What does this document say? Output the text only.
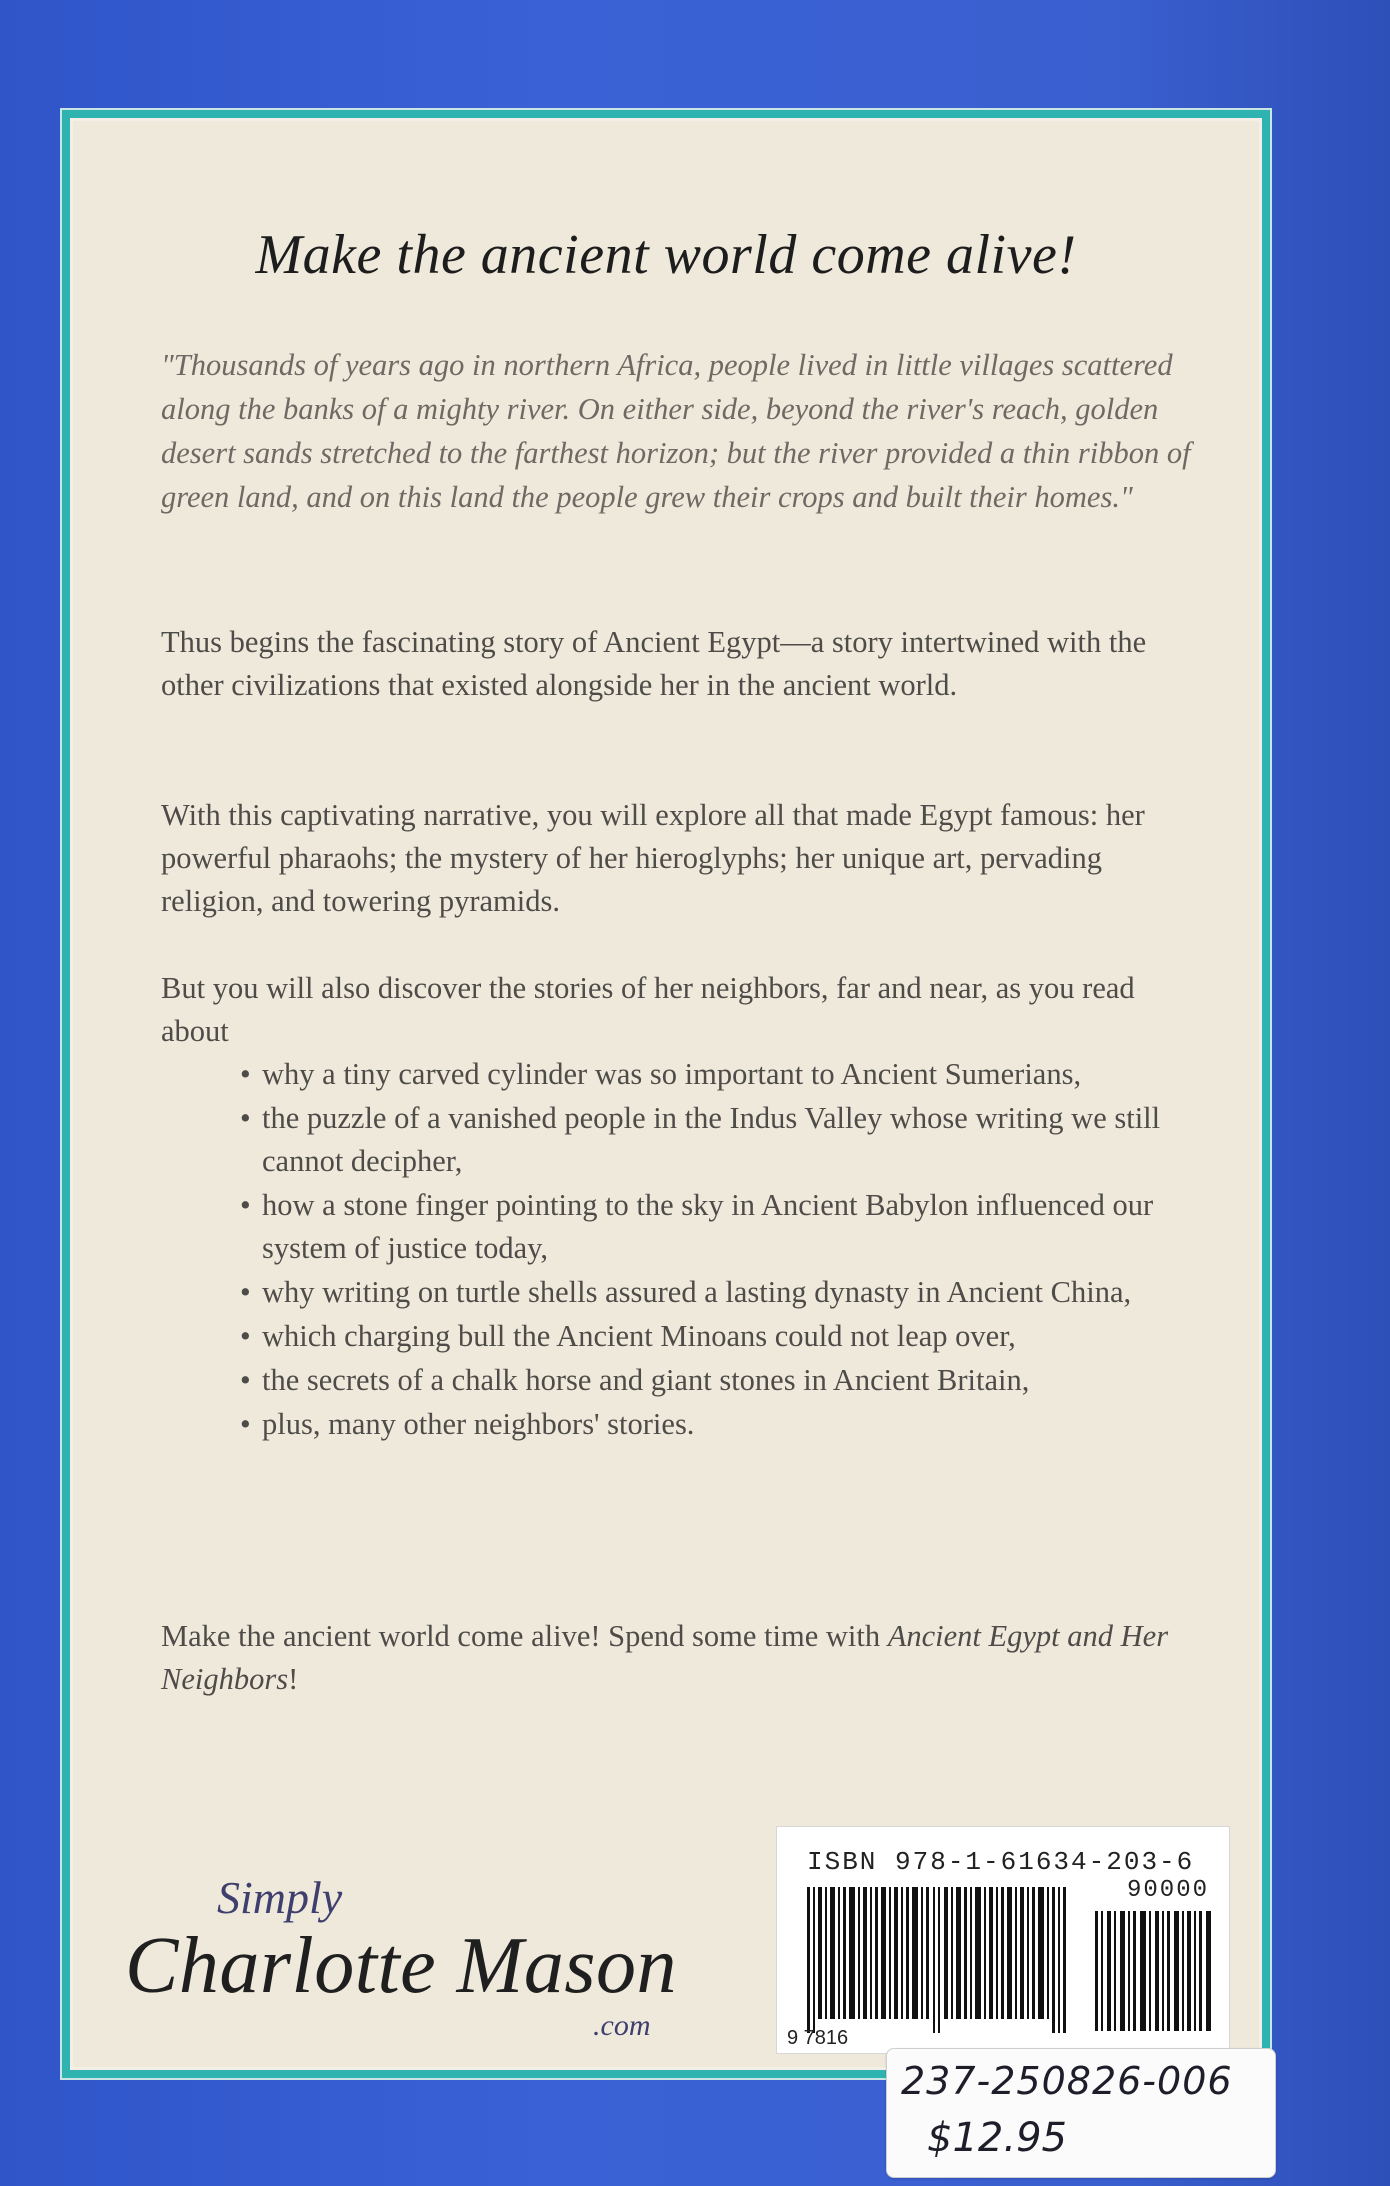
Make the ancient world come alive!
"Thousands of years ago in northern Africa, people lived in little villages scattered along the banks of a mighty river. On either side, beyond the river's reach, golden desert sands stretched to the farthest horizon; but the river provided a thin ribbon of green land, and on this land the people grew their crops and built their homes."
Thus begins the fascinating story of Ancient Egypt—a story intertwined with the other civilizations that existed alongside her in the ancient world.
With this captivating narrative, you will explore all that made Egypt famous: her powerful pharaohs; the mystery of her hieroglyphs; her unique art, pervading religion, and towering pyramids.
But you will also discover the stories of her neighbors, far and near, as you read about
• why a tiny carved cylinder was so important to Ancient Sumerians,
• the puzzle of a vanished people in the Indus Valley whose writing we still cannot decipher,
• how a stone finger pointing to the sky in Ancient Babylon influenced our system of justice today,
• why writing on turtle shells assured a lasting dynasty in Ancient China,
• which charging bull the Ancient Minoans could not leap over,
• the secrets of a chalk horse and giant stones in Ancient Britain,
• plus, many other neighbors' stories.
Make the ancient world come alive! Spend some time with Ancient Egypt and Her Neighbors!
Simply
Charlotte Mason
.com
ISBN 978-1-61634-203-6
90000
9 7816
237-250826-006
$12.95
